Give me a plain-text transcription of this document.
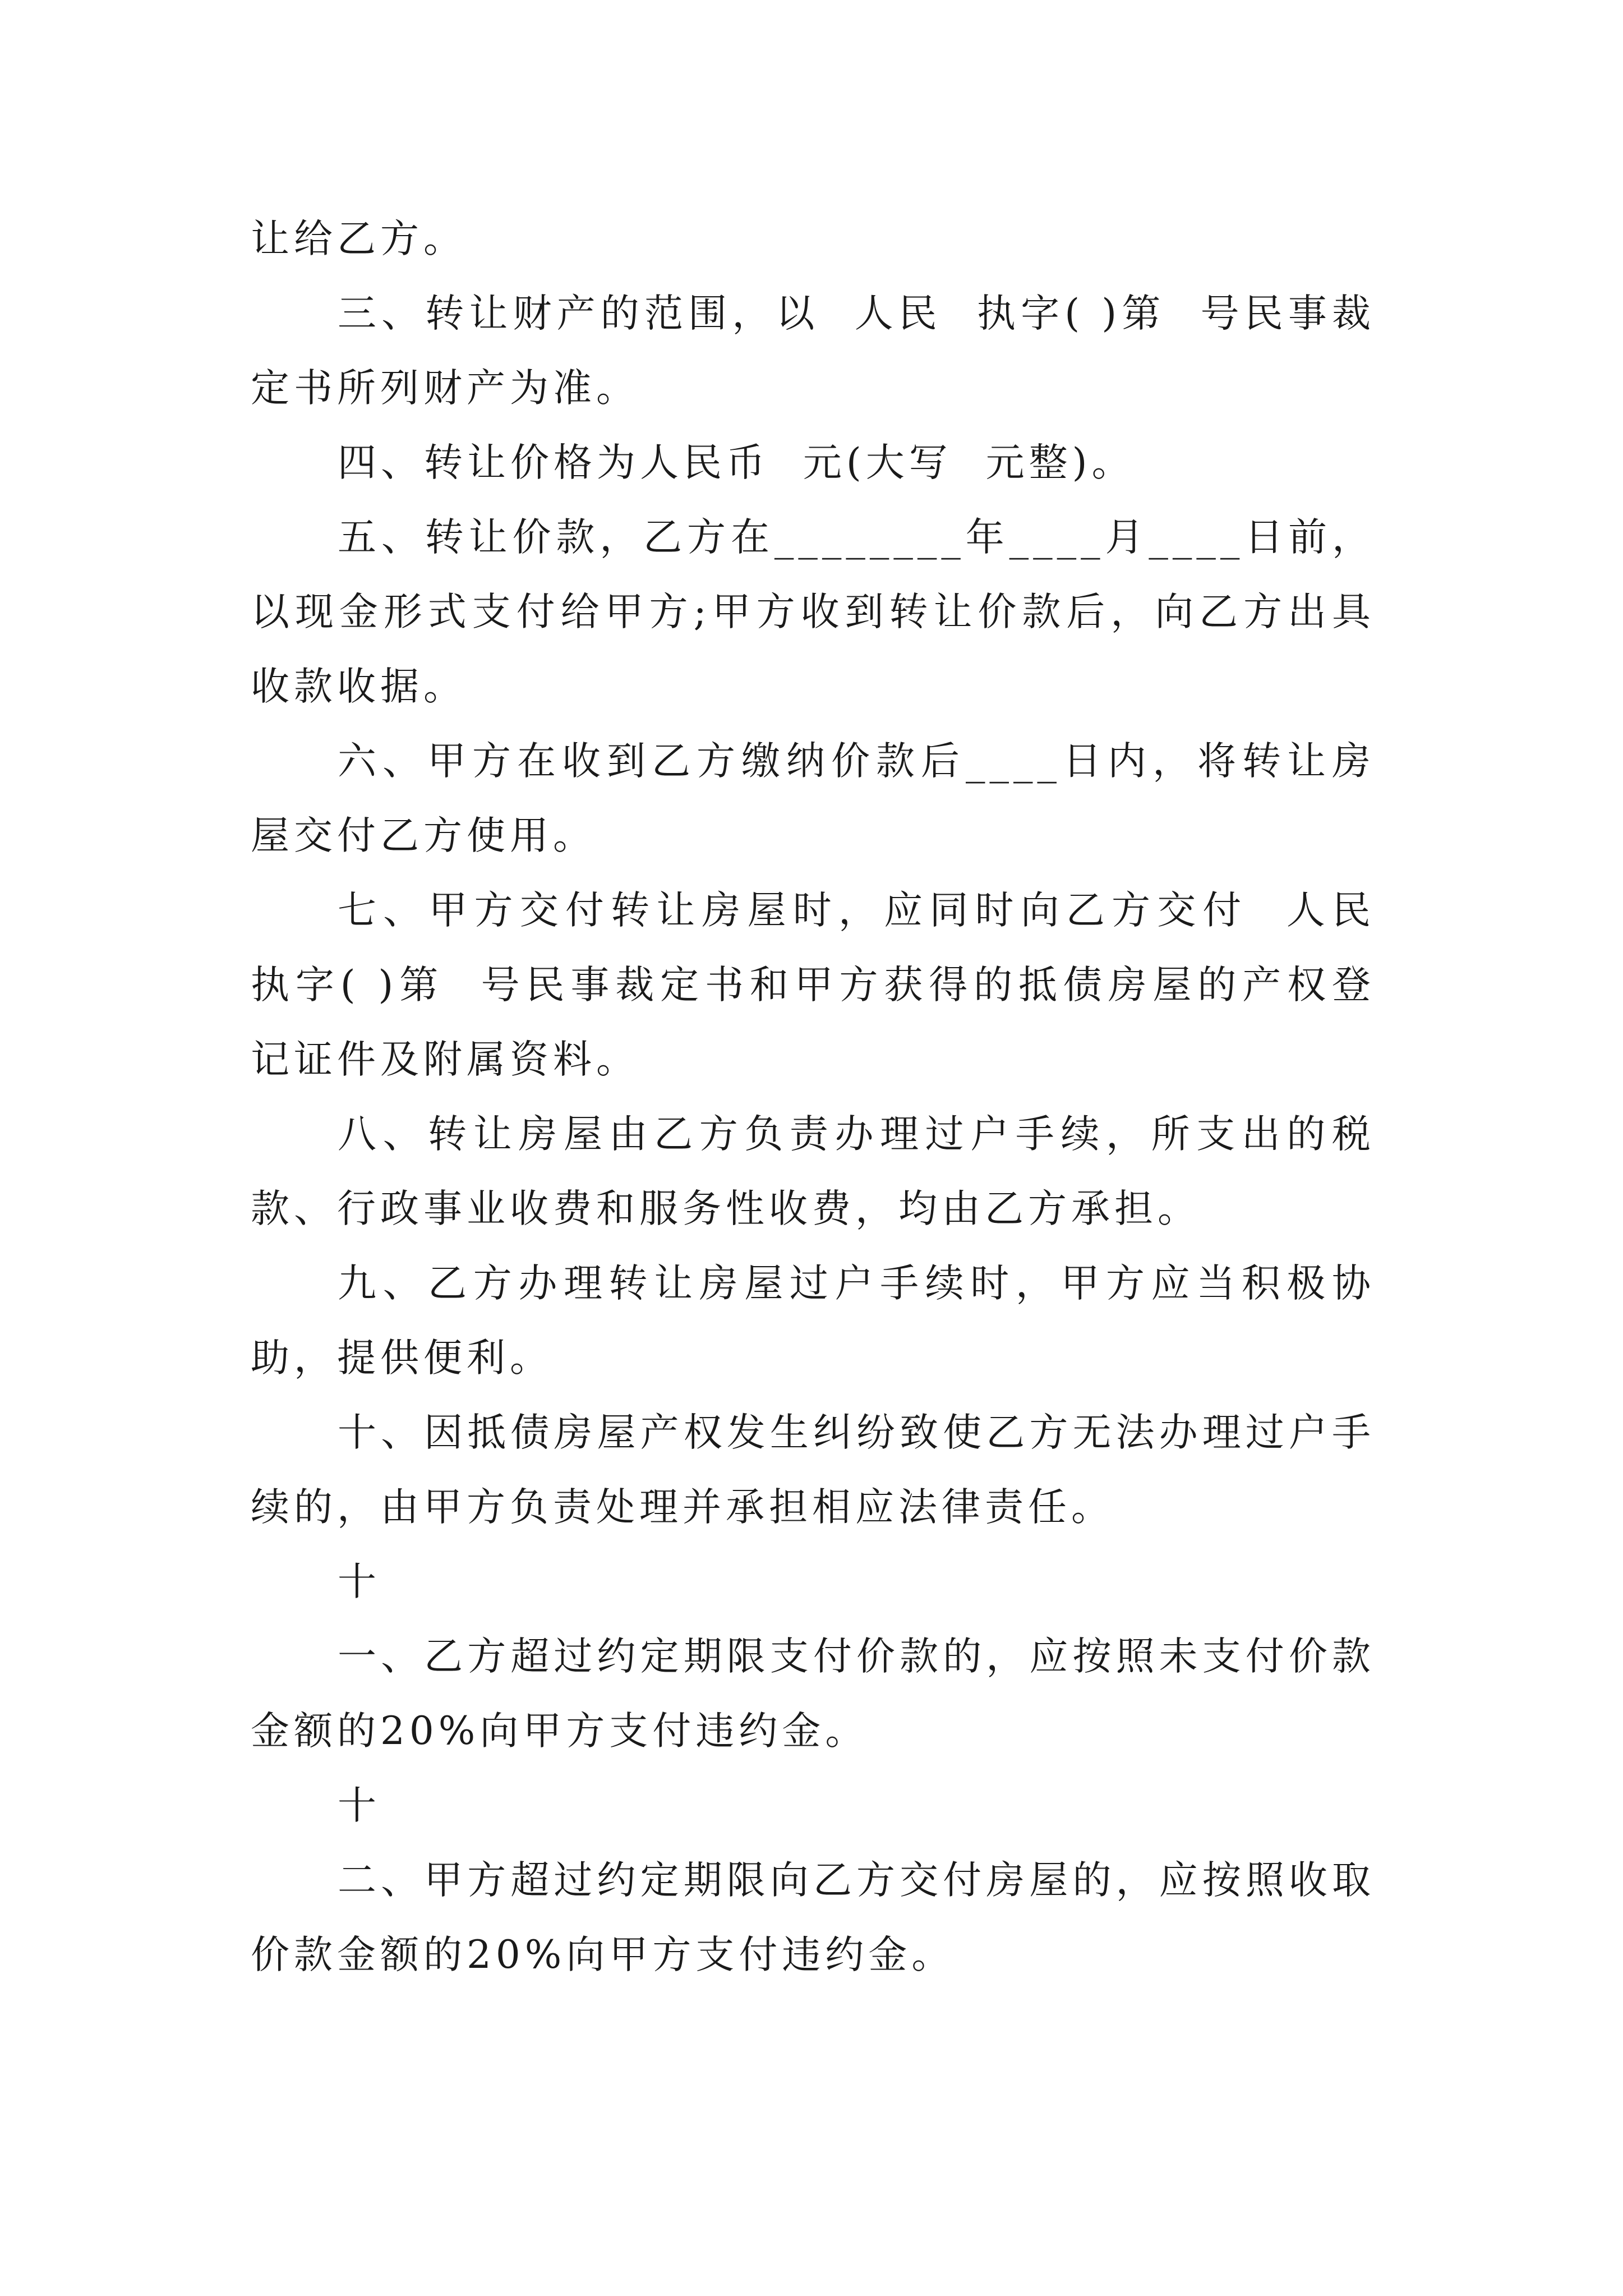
让给乙方。

三、转让财产的范围，以  人民  执字( )第  号民事裁定书所列财产为准。

四、转让价格为人民币  元(大写  元整)。

五、转让价款，乙方在________年____月____日前，以现金形式支付给甲方;甲方收到转让价款后，向乙方出具收款收据。

六、甲方在收到乙方缴纳价款后____日内，将转让房屋交付乙方使用。

七、甲方交付转让房屋时，应同时向乙方交付  人民  执字( )第  号民事裁定书和甲方获得的抵债房屋的产权登记证件及附属资料。

八、转让房屋由乙方负责办理过户手续，所支出的税款、行政事业收费和服务性收费，均由乙方承担。

九、乙方办理转让房屋过户手续时，甲方应当积极协助，提供便利。

十、因抵债房屋产权发生纠纷致使乙方无法办理过户手续的，由甲方负责处理并承担相应法律责任。

十

一、乙方超过约定期限支付价款的，应按照未支付价款金额的20%向甲方支付违约金。

十

二、甲方超过约定期限向乙方交付房屋的，应按照收取价款金额的20%向甲方支付违约金。
